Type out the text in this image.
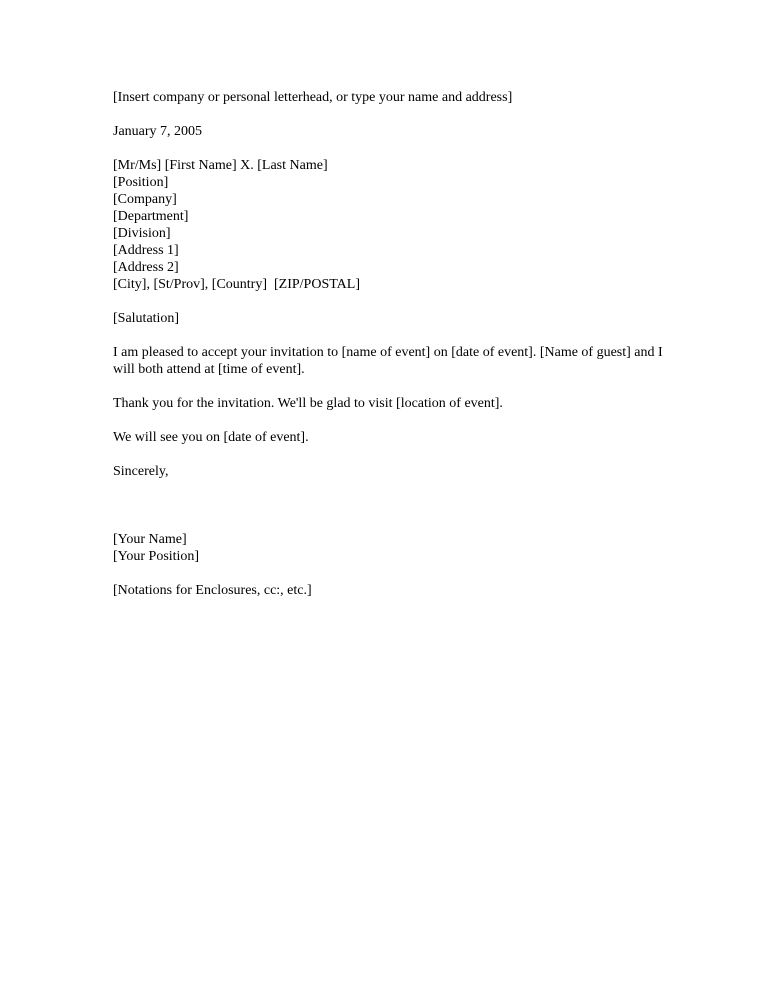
[Insert company or personal letterhead, or type your name and address]
January 7, 2005
[Mr/Ms] [First Name] X. [Last Name]
[Position]
[Company]
[Department]
[Division]
[Address 1]
[Address 2]
[City], [St/Prov], [Country]  [ZIP/POSTAL]
[Salutation]
I am pleased to accept your invitation to [name of event] on [date of event]. [Name of guest] and I will both attend at [time of event].
Thank you for the invitation. We'll be glad to visit [location of event].
We will see you on [date of event].
Sincerely,
[Your Name]
[Your Position]
[Notations for Enclosures, cc:, etc.]
